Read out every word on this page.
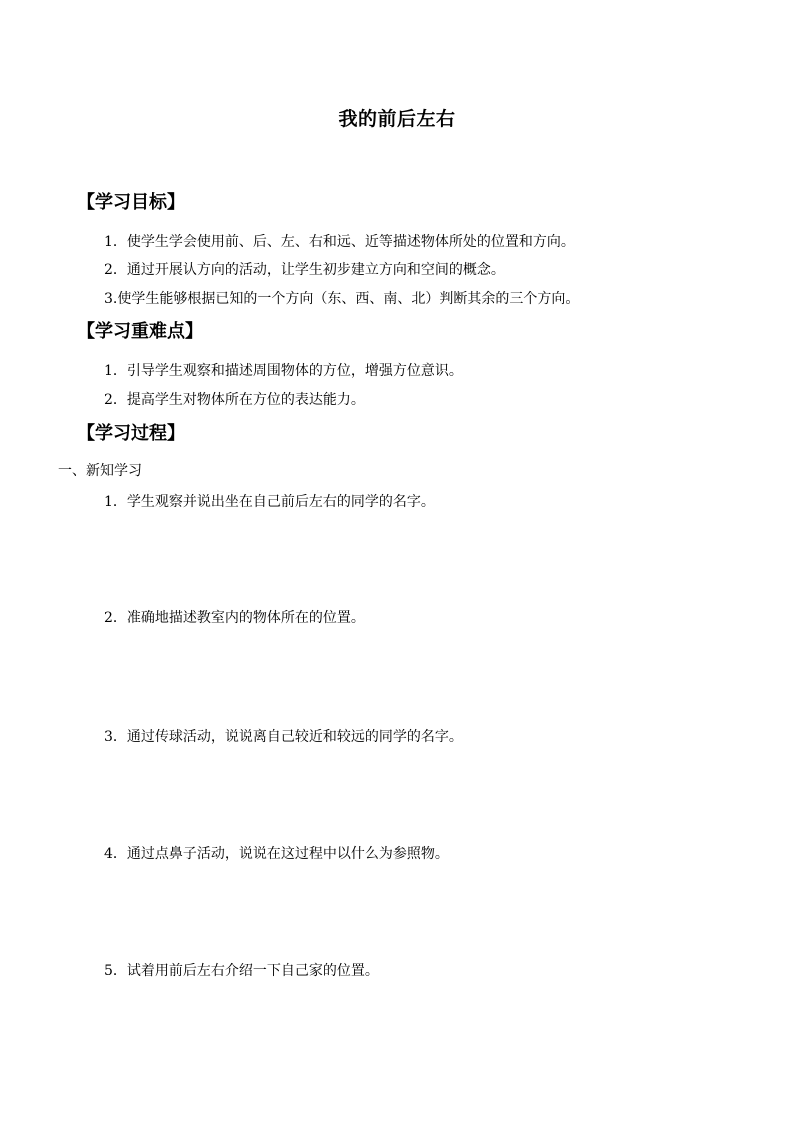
我的前后左右
【学习目标】
1．使学生学会使用前、后、左、右和远、近等描述物体所处的位置和方向。
2．通过开展认方向的活动，让学生初步建立方向和空间的概念。
3.使学生能够根据已知的一个方向（东、西、南、北）判断其余的三个方向。
【学习重难点】
1．引导学生观察和描述周围物体的方位，增强方位意识。
2．提高学生对物体所在方位的表达能力。
【学习过程】
一、新知学习
1．学生观察并说出坐在自己前后左右的同学的名字。
2．准确地描述教室内的物体所在的位置。
3．通过传球活动，说说离自己较近和较远的同学的名字。
4．通过点鼻子活动，说说在这过程中以什么为参照物。
5．试着用前后左右介绍一下自己家的位置。
